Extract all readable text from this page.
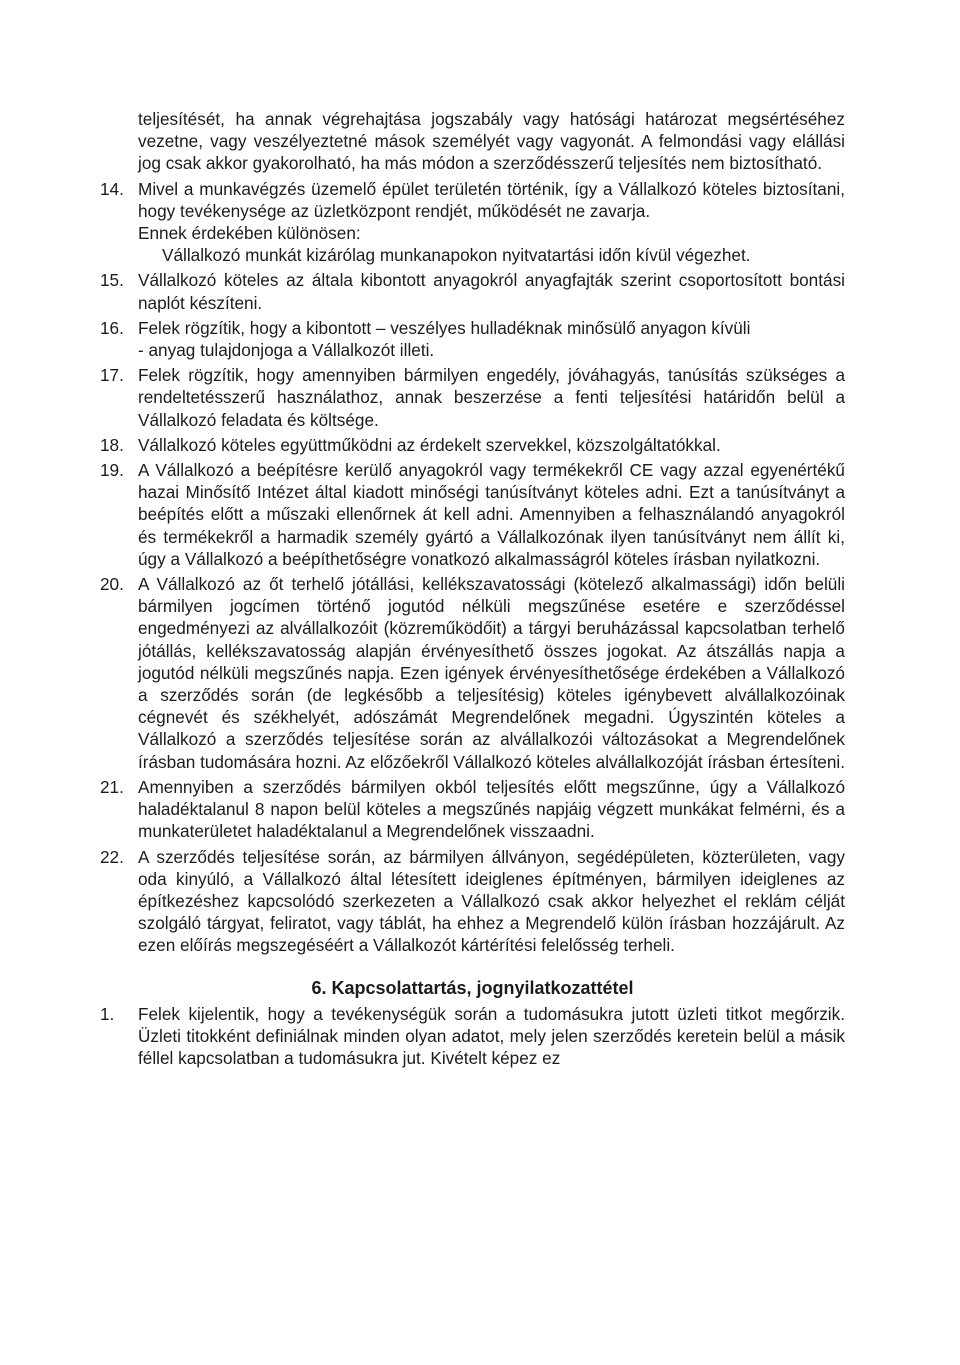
teljesítését, ha annak végrehajtása jogszabály vagy hatósági határozat megsértéséhez vezetne, vagy veszélyeztetné mások személyét vagy vagyonát. A felmondási vagy elállási jog csak akkor gyakorolható, ha más módon a szerződésszerű teljesítés nem biztosítható.
14. Mivel a munkavégzés üzemelő épület területén történik, így a Vállalkozó köteles biztosítani, hogy tevékenysége az üzletközpont rendjét, működését ne zavarja.
Ennek érdekében különösen:
Vállalkozó munkát kizárólag munkanapokon nyitvatartási időn kívül végezhet.
15. Vállalkozó köteles az általa kibontott anyagokról anyagfajták szerint csoportosított bontási naplót készíteni.
16. Felek rögzítik, hogy a kibontott – veszélyes hulladéknak minősülő anyagon kívüli
- anyag tulajdonjoga a Vállalkozót illeti.
17. Felek rögzítik, hogy amennyiben bármilyen engedély, jóváhagyás, tanúsítás szükséges a rendeltetésszerű használathoz, annak beszerzése a fenti teljesítési határidőn belül a Vállalkozó feladata és költsége.
18. Vállalkozó köteles együttműködni az érdekelt szervekkel, közszolgáltatókkal.
19. A Vállalkozó a beépítésre kerülő anyagokról vagy termékekről CE vagy azzal egyenértékű hazai Minősítő Intézet által kiadott minőségi tanúsítványt köteles adni. Ezt a tanúsítványt a beépítés előtt a műszaki ellenőrnek át kell adni. Amennyiben a felhasználandó anyagokról és termékekről a harmadik személy gyártó a Vállalkozónak ilyen tanúsítványt nem állít ki, úgy a Vállalkozó a beépíthetőségre vonatkozó alkalmasságról köteles írásban nyilatkozni.
20. A Vállalkozó az őt terhelő jótállási, kellékszavatossági (kötelező alkalmassági) időn belüli bármilyen jogcímen történő jogutód nélküli megszűnése esetére e szerződéssel engedményezi az alvállalkozóit (közreműködőit) a tárgyi beruházással kapcsolatban terhelő jótállás, kellékszavatosság alapján érvényesíthető összes jogokat. Az átszállás napja a jogutód nélküli megszűnés napja. Ezen igények érvényesíthetősége érdekében a Vállalkozó a szerződés során (de legkésőbb a teljesítésig) köteles igénybevett alvállalkozóinak cégnevét és székhelyét, adószámát Megrendelőnek megadni. Úgyszintén köteles a Vállalkozó a szerződés teljesítése során az alvállalkozói változásokat a Megrendelőnek írásban tudomására hozni. Az előzőekről Vállalkozó köteles alvállalkozóját írásban értesíteni.
21. Amennyiben a szerződés bármilyen okból teljesítés előtt megszűnne, úgy a Vállalkozó haladéktalanul 8 napon belül köteles a megszűnés napjáig végzett munkákat felmérni, és a munkaterületet haladéktalanul a Megrendelőnek visszaadni.
22. A szerződés teljesítése során, az bármilyen állványon, segédépületen, közterületen, vagy oda kinyúló, a Vállalkozó által létesített ideiglenes építményen, bármilyen ideiglenes az építkezéshez kapcsolódó szerkezeten a Vállalkozó csak akkor helyezhet el reklám célját szolgáló tárgyat, feliratot, vagy táblát, ha ehhez a Megrendelő külön írásban hozzájárult. Az ezen előírás megszegéséért a Vállalkozót kártérítési felelősség terheli.
6. Kapcsolattartás, jognyilatkozattétel
1.	Felek kijelentik, hogy a tevékenységük során a tudomásukra jutott üzleti titkot megőrzik. Üzleti titokként definiálnak minden olyan adatot, mely jelen szerződés keretein belül a másik féllel kapcsolatban a tudomásukra jut. Kivételt képez ez
